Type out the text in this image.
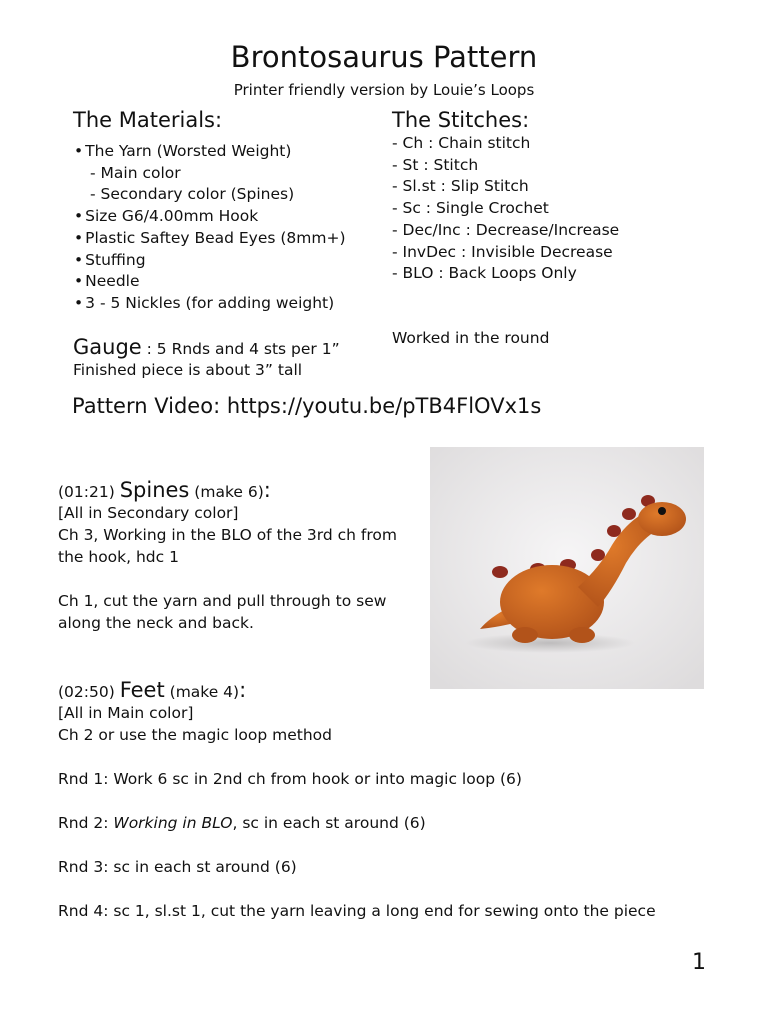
Brontosaurus Pattern
Printer friendly version by Louie’s Loops
The Materials:
• The Yarn (Worsted Weight)
- Main color
- Secondary color (Spines)
• Size G6/4.00mm Hook
• Plastic Saftey Bead Eyes (8mm+)
• Stuffing
• Needle
• 3 - 5 Nickles (for adding weight)
The Stitches:
- Ch : Chain stitch
- St : Stitch
- Sl.st : Slip Stitch
- Sc : Single Crochet
- Dec/Inc : Decrease/Increase
- InvDec : Invisible Decrease
- BLO : Back Loops Only
Worked in the round
Gauge : 5 Rnds and 4 sts per 1”
Finished piece is about 3” tall
Pattern Video: https://youtu.be/pTB4FlOVx1s
(01:21) Spines (make 6):
[All in Secondary color]
Ch 3, Working in the BLO of the 3rd ch from the hook, hdc 1
Ch 1, cut the yarn and pull through to sew along the neck and back.
(02:50) Feet (make 4):
[All in Main color]
Ch 2 or use the magic loop method
Rnd 1: Work 6 sc in 2nd ch from hook or into magic loop (6)
Rnd 2: Working in BLO, sc in each st around (6)
Rnd 3: sc in each st around (6)
Rnd 4: sc 1, sl.st 1, cut the yarn leaving a long end for sewing onto the piece
1
